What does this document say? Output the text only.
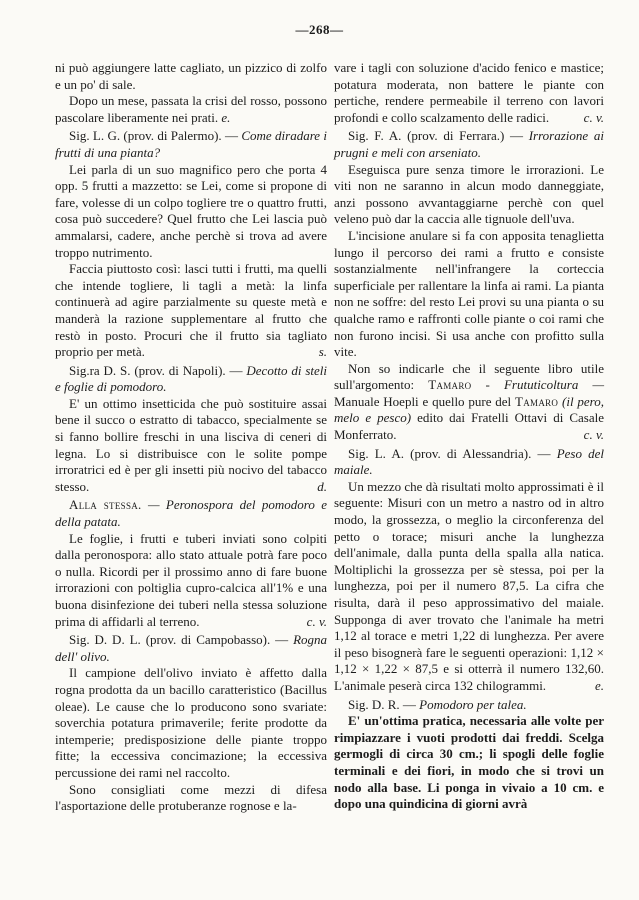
—268—

ni può aggiungere latte cagliato, un pizzico di zolfo e un po' di sale.

Dopo un mese, passata la crisi del rosso, possono pascolare liberamente nei prati. e.

Sig. L. G. (prov. di Palermo). — Come diradare i frutti di una pianta?

Lei parla di un suo magnifico pero che porta 4 opp. 5 frutti a mazzetto: se Lei, come si propone di fare, volesse di un colpo togliere tre o quattro frutti, cosa può succedere? Quel frutto che Lei lascia può ammalarsi, cadere, anche perchè si trova ad avere troppo nutrimento.

Faccia piuttosto così: lasci tutti i frutti, ma quelli che intende togliere, li tagli a metà: la linfa continuerà ad agire parzialmente su queste metà e manderà la razione supplementare al frutto che restò in posto. Procuri che il frutto sia tagliato proprio per metà.	s.

Sig.ra D. S. (prov. di Napoli). — Decotto di steli e foglie di pomodoro.

E' un ottimo insetticida che può sostituire assai bene il succo o estratto di tabacco, specialmente se si fanno bollire freschi in una lisciva di ceneri di legna. Lo si distribuisce con le solite pompe irroratrici ed è per gli insetti più nocivo del tabacco stesso.	d.

Alla stessa. — Peronospora del pomodoro e della patata.

Le foglie, i frutti e tuberi inviati sono colpiti dalla peronospora: allo stato attuale potrà fare poco o nulla. Ricordi per il prossimo anno di fare buone irrorazioni con poltiglia cupro-calcica all'1% e una buona disinfezione dei tuberi nella stessa soluzione prima di affidarli al terreno.	c. v.

Sig. D. D. L. (prov. di Campobasso). — Rogna dell' olivo.

Il campione dell'olivo inviato è affetto dalla rogna prodotta da un bacillo caratteristico (Bacillus oleae). Le cause che lo producono sono svariate: soverchia potatura primaverile; ferite prodotte da intemperie; predisposizione delle piante troppo fitte; la eccessiva concimazione; la eccessiva percussione dei rami nel raccolto.

Sono consigliati come mezzi di difesa l'asportazione delle protuberanze rognose e la-

vare i tagli con soluzione d'acido fenico e mastice; potatura moderata, non battere le piante con pertiche, rendere permeabile il terreno con lavori profondi e collo scalzamento delle radici.	c. v.

Sig. F. A. (prov. di Ferrara.) — Irrorazione ai prugni e meli con arseniato.

Eseguisca pure senza timore le irrorazioni. Le viti non ne saranno in alcun modo danneggiate, anzi possono avvantaggiarne perchè con quel veleno può dar la caccia alle tignuole dell'uva.

L'incisione anulare si fa con apposita tenaglietta lungo il percorso dei rami a frutto e consiste sostanzialmente nell'infrangere la corteccia superficiale per rallentare la linfa ai rami. La pianta non ne soffre: del resto Lei provi su una pianta o su qualche ramo e raffronti colle piante o coi rami che non furono incisi. Si usa anche con profitto sulla vite.

Non so indicarle che il seguente libro utile sull'argomento: Tamaro - Frututicoltura — Manuale Hoepli e quello pure del Tamaro (il pero, melo e pesco) edito dai Fratelli Ottavi di Casale Monferrato.	c. v.

Sig. L. A. (prov. di Alessandria). — Peso del maiale.

Un mezzo che dà risultati molto approssimati è il seguente: Misuri con un metro a nastro od in altro modo, la grossezza, o meglio la circonferenza del petto o torace; misuri anche la lunghezza dell'animale, dalla punta della spalla alla natica. Moltiplichi la grossezza per sè stessa, poi per la lunghezza, poi per il numero 87,5. La cifra che risulta, darà il peso approssimativo del maiale. Supponga di aver trovato che l'animale ha metri 1,12 al torace e metri 1,22 di lunghezza. Per avere il peso bisognerà fare le seguenti operazioni: 1,12 × 1,12 × 1,22 × 87,5 e si otterrà il numero 132,60. L'animale peserà circa 132 chilogrammi.	e.

Sig. D. R. — Pomodoro per talea.

E' un'ottima pratica, necessaria alle volte per rimpiazzare i vuoti prodotti dai freddi. Scelga germogli di circa 30 cm.; li spogli delle foglie terminali e dei fiori, in modo che si trovi un nodo alla base. Li ponga in vivaio a 10 cm. e dopo una quindicina di giorni avrà
